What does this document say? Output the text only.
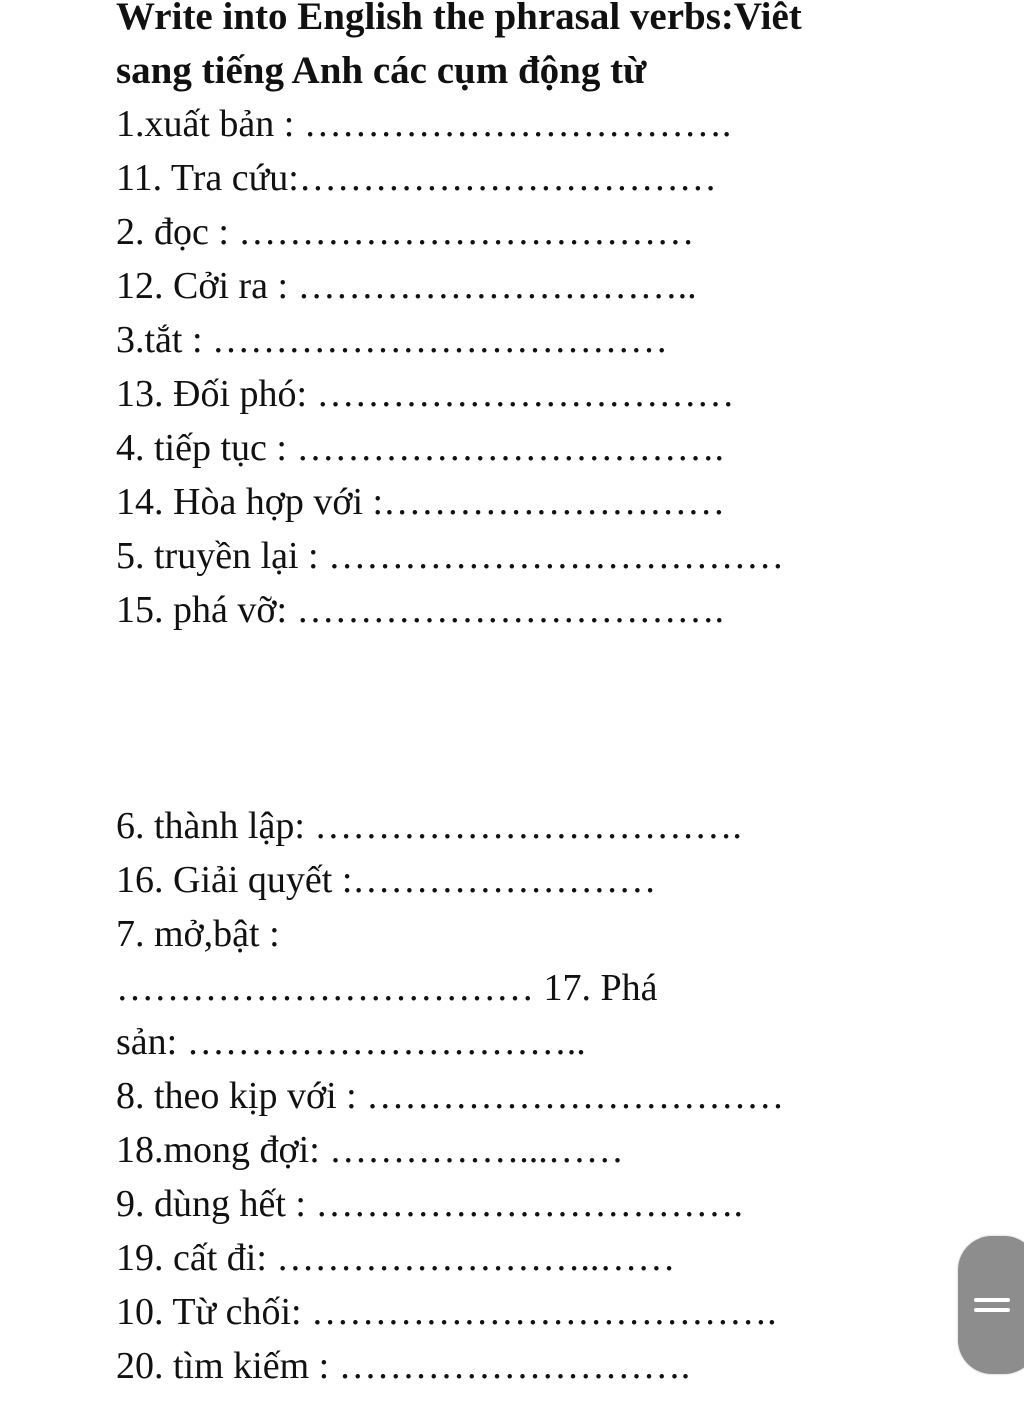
Write into English the phrasal verbs:Viêt
sang tiếng Anh các cụm động từ
1.xuất bản : …………………………….
11. Tra cứu:……………………………
2. đọc : ………………………………
12. Cởi ra : …………………………..
3.tắt : ………………………………
13. Đối phó: ……………………………
4. tiếp tục : …………………………….
14. Hòa hợp với :………………………
5. truyền lại : ………………………………
15. phá vỡ: …………………………….
6. thành lập: …………………………….
16. Giải quyết :……………………
7. mở,bật :
…………………………… 17. Phá
sản: …………………………..
8. theo kịp với : ……………………………
18.mong đợi: ……………...……
9. dùng hết : …………………………….
19. cất đi: ……………………..……
10. Từ chối: ……………………………….
20. tìm kiếm : ……………………….
